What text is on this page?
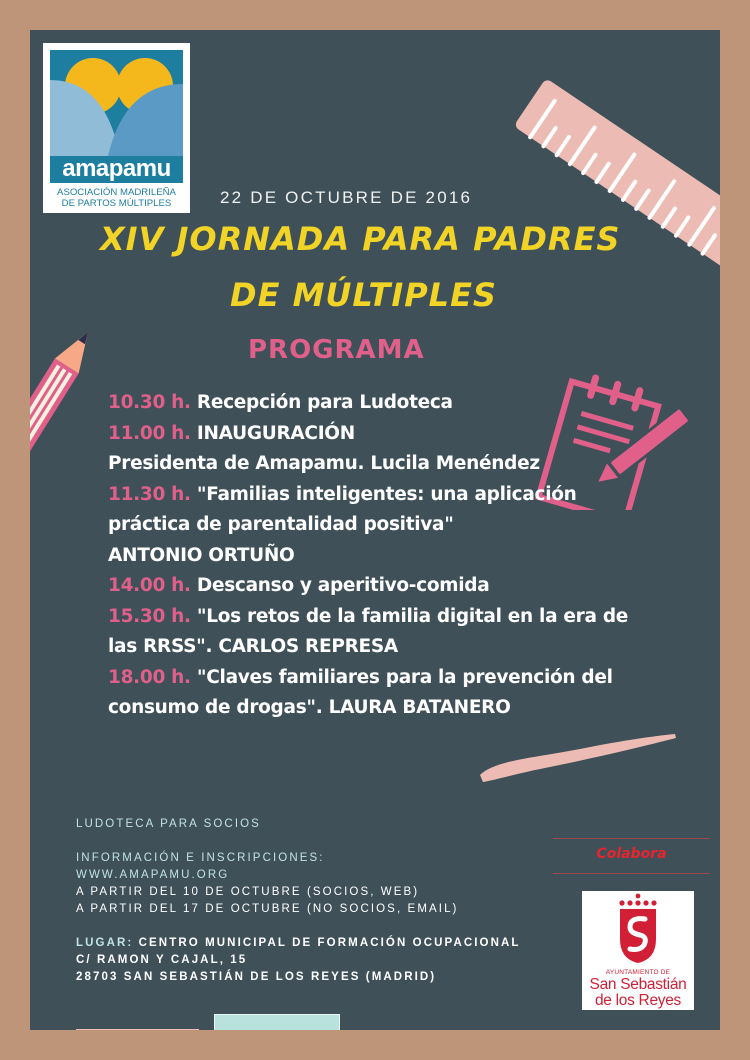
amapamu
ASOCIACIÓN MADRILEÑA
DE PARTOS MÚLTIPLES	22 DE OCTUBRE DE 2016
XIV JORNADA PARA PADRES
DE MÚLTIPLES
PROGRAMA
10.30 h. Recepción para Ludoteca
11.00 h. INAUGURACIÓN
Presidenta de Amapamu. Lucila Menéndez
11.30 h. "Familias inteligentes: una aplicación
práctica de parentalidad positiva"
ANTONIO ORTUÑO
14.00 h. Descanso y aperitivo-comida
15.30 h. "Los retos de la familia digital en la era de
las RRSS". CARLOS REPRESA
18.00 h. "Claves familiares para la prevención del
consumo de drogas". LAURA BATANERO
LUDOTECA PARA SOCIOS
INFORMACIÓN E INSCRIPCIONES:
WWW.AMAPAMU.ORG
A PARTIR DEL 10 DE OCTUBRE (SOCIOS, WEB)
A PARTIR DEL 17 DE OCTUBRE (NO SOCIOS, EMAIL)
LUGAR: CENTRO MUNICIPAL DE FORMACIÓN OCUPACIONAL
C/ RAMON Y CAJAL, 15
28703 SAN SEBASTIÁN DE LOS REYES (MADRID)
Colabora
AYUNTAMIENTO DE
San Sebastián
de los Reyes
